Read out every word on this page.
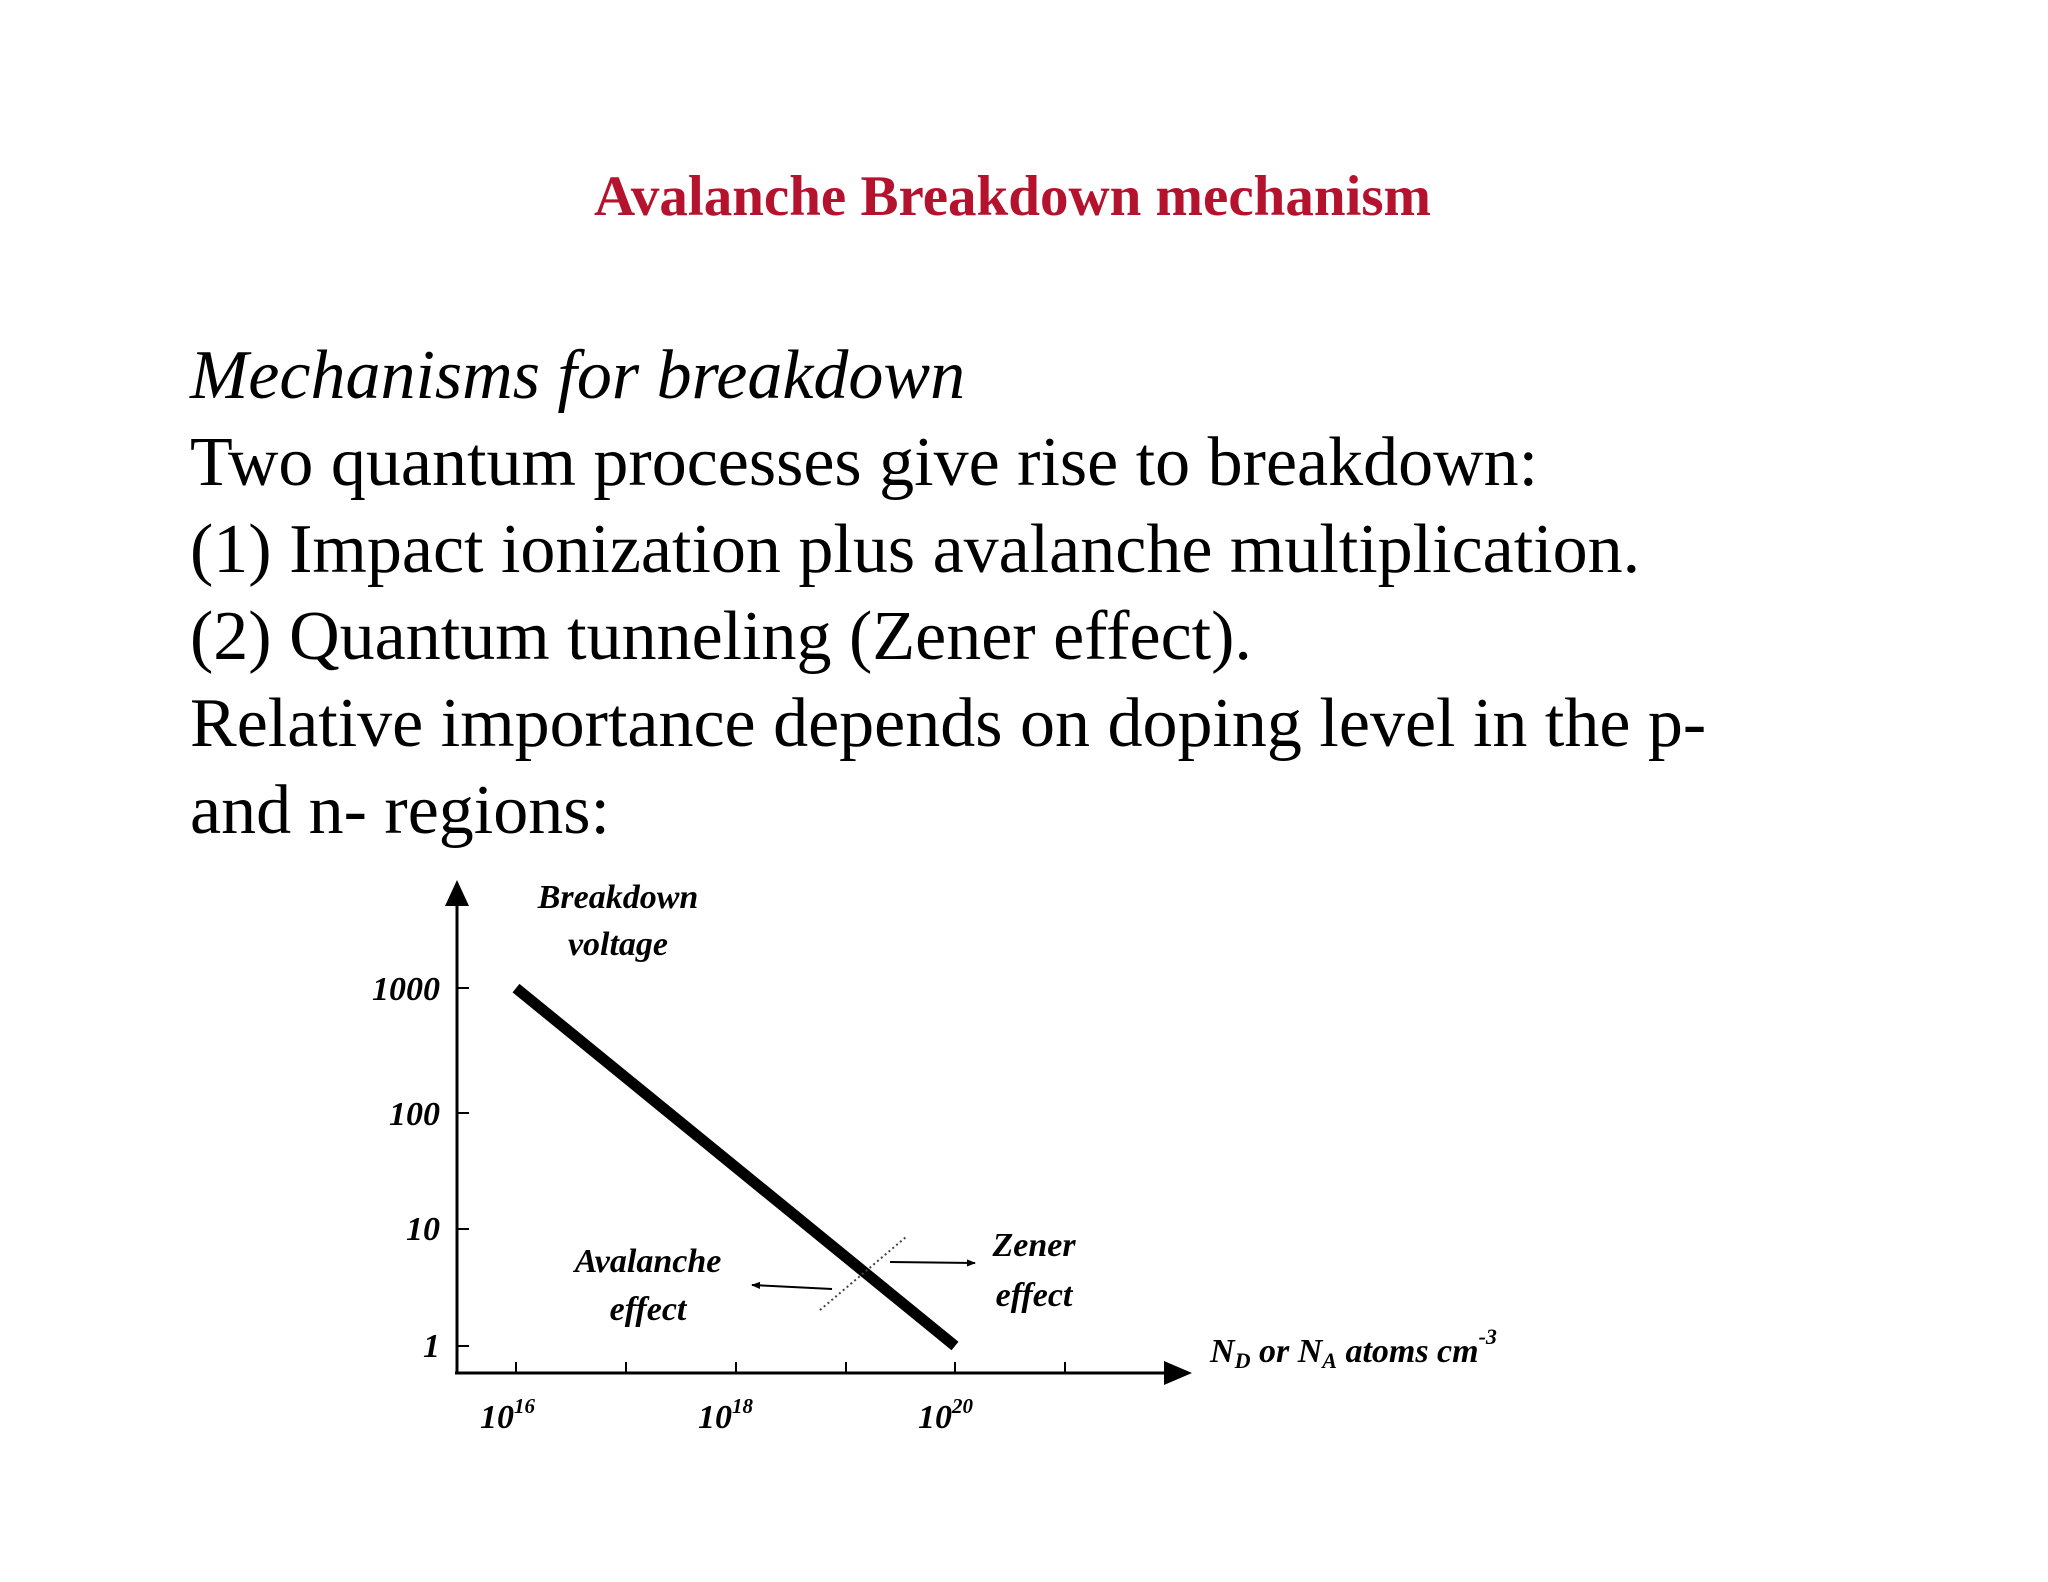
Avalanche Breakdown mechanism
Mechanisms for breakdown
Two quantum processes give rise to breakdown:
(1) Impact ionization plus avalanche multiplication.
(2) Quantum tunneling (Zener effect).
Relative importance depends on doping level in the p-
and n- regions:
1000
100
10
1
$10^{16}$	$10^{18}$	$10^{20}$
Breakdown
voltage
Avalanche
effect
Zener
effect
ND or NA atoms $cm^{-3}$
